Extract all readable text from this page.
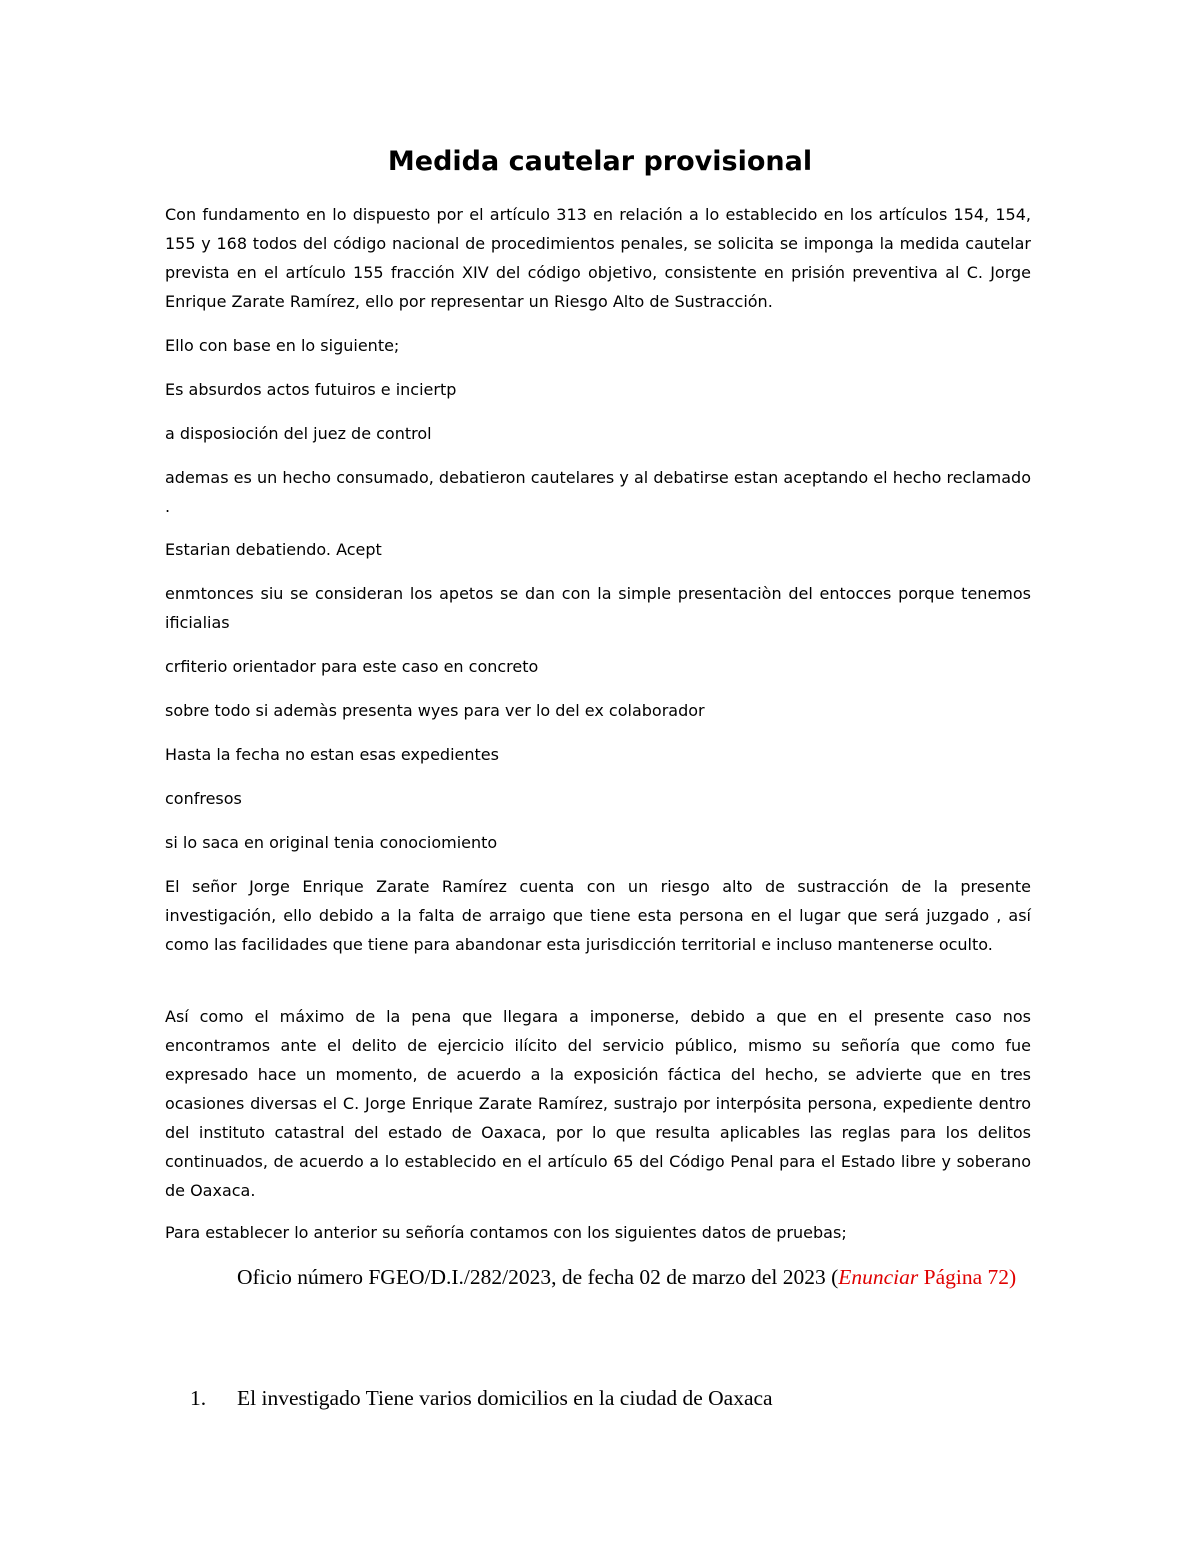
Medida cautelar provisional

Con fundamento en lo dispuesto por el artículo 313 en relación a lo establecido en los artículos 154, 154, 155 y 168 todos del código nacional de procedimientos penales, se solicita se imponga la medida cautelar prevista en el artículo 155 fracción XIV del código objetivo, consistente en prisión preventiva al C. Jorge Enrique Zarate Ramírez, ello por representar un Riesgo Alto de Sustracción.

Ello con base en lo siguiente;

Es absurdos actos futuiros e inciertp

a disposioción del juez de control

ademas es un hecho consumado, debatieron cautelares y al debatirse estan aceptando el hecho reclamado .

Estarian debatiendo. Acept

enmtonces siu se consideran los apetos se dan con la simple presentaciòn del entocces porque tenemos ificialias

crfiterio orientador para este caso en concreto

sobre todo si ademàs presenta wyes para ver lo del ex colaborador

Hasta la fecha no estan esas expedientes

confresos

si lo saca en original tenia conociomiento

El señor Jorge Enrique Zarate Ramírez cuenta con un riesgo alto de sustracción de la presente investigación, ello debido a la falta de arraigo que tiene esta persona en el lugar que será juzgado , así como las facilidades que tiene para abandonar esta jurisdicción territorial e incluso mantenerse oculto.

Así como el máximo de la pena que llegara a imponerse, debido a que en el presente caso nos encontramos ante el delito de ejercicio ilícito del servicio público, mismo su señoría que como fue expresado hace un momento, de acuerdo a la exposición fáctica del hecho, se advierte que en tres ocasiones diversas el C. Jorge Enrique Zarate Ramírez, sustrajo por interpósita persona, expediente dentro del instituto catastral del estado de Oaxaca, por lo que resulta aplicables las reglas para los delitos continuados, de acuerdo a lo establecido en el artículo 65 del Código Penal para el Estado libre y soberano de Oaxaca.

Para establecer lo anterior su señoría contamos con los siguientes datos de pruebas;

Oficio número FGEO/D.I./282/2023, de fecha 02 de marzo del 2023 (Enunciar Página 72)
1. El investigado Tiene varios domicilios en la ciudad de Oaxaca
